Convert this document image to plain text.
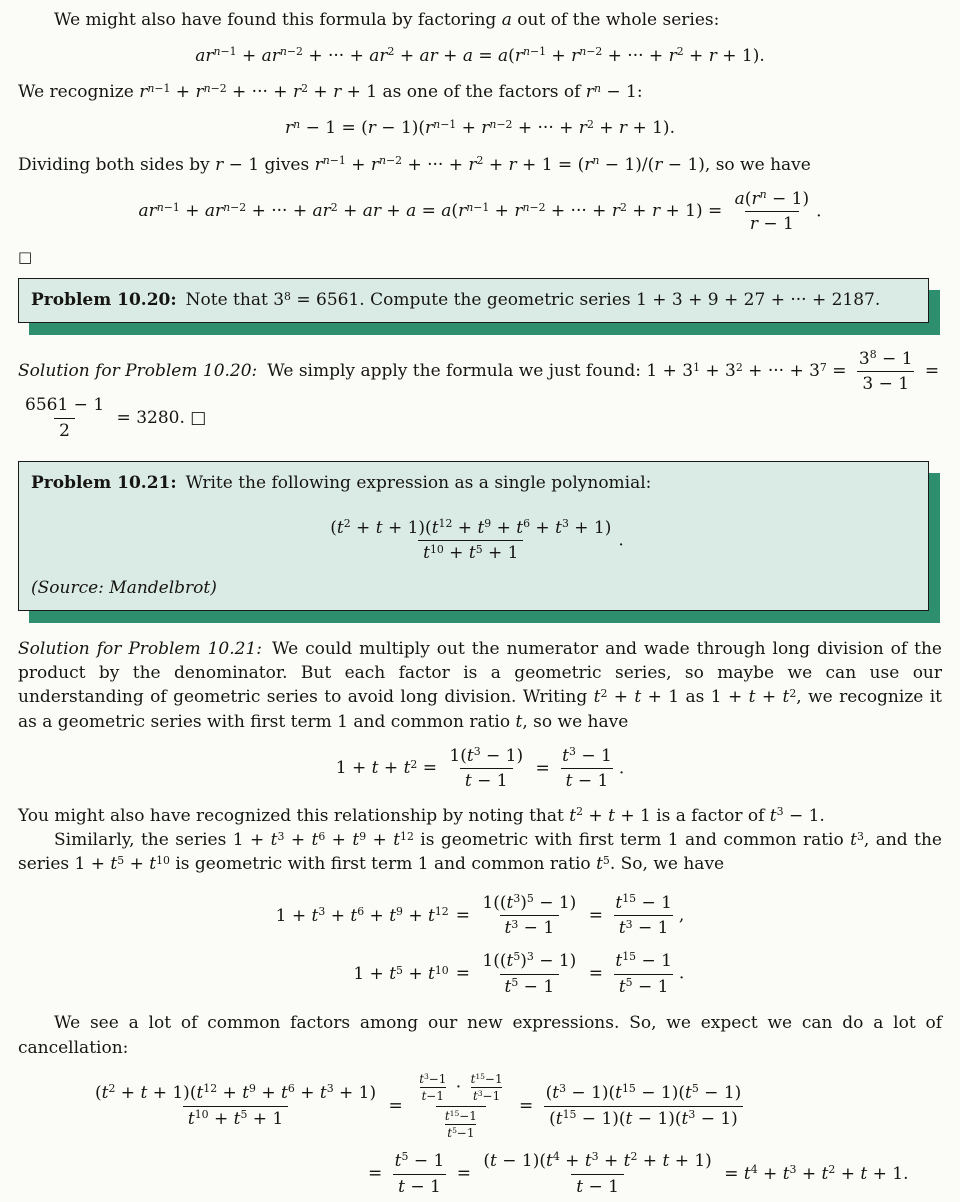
We might also have found this formula by factoring a out of the whole series:

$ar^{n-1} + ar^{n-2}$ + ··· + $ar^2$ + ar + $a = a(r^{n-1} + r^{n-2}$ + ··· + $r^2 + r + 1$).

We recognize $r^{n-1} + r^{n-2}$ + ··· + $r^2 + r + 1$ as one of the factors of $r^n - 1$:

$r^n - 1 = (r - 1)(r^{n-1} + r^{n-2}$ + ··· + $r^2 + r + 1$).

Dividing both sides by r − 1 gives $r^{n-1} + r^{n-2}$ + ··· + $r^2 + r + 1 = (r^n - 1)/(r - 1)$, so we have

$ar^{n-1} + ar^{n-2}$ + ··· + $ar^2$ + ar + $a = a(r^{n-1} + r^{n-2}$ + ··· + $r^2 + r + 1) = \frac{a(r^n - 1)}{r - 1}$ .
□

Problem 10.20: Note that $3^8 = 6561$. Compute the geometric series 1 + 3 + 9 + 27 + ··· + 2187.

Solution for Problem 10.20: We simply apply the formula we just found: $1 + 3^1 + 3^2$ + ··· + $3^7 = \frac{3^8 - 1}{3 - 1}$ =

$\frac{6561 - 1}{2} = 3280$. □

Problem 10.21: Write the following expression as a single polynomial:

$\frac{(t^2 + t + 1)(t^{12} + t^9 + t^6 + t^3 + 1)}{t^{10} + t^5 + 1}$ .

(Source: Mandelbrot)

Solution for Problem 10.21: We could multiply out the numerator and wade through long division of the product by the denominator. But each factor is a geometric series, so maybe we can use our understanding of geometric series to avoid long division. Writing $t^2 + t + 1$ as $1 + t + t^2$, we recognize it as a geometric series with first term 1 and common ratio t, so we have

$1 + t + t^2 = \frac{1(t^3 - 1)}{t - 1} = \frac{t^3 - 1}{t - 1}$ .

You might also have recognized this relationship by noting that $t^2 + t + 1$ is a factor of $t^3 - 1$.

Similarly, the series $1 + t^3 + t^6 + t^9 + t^{12}$ is geometric with first term 1 and common ratio $t^3$, and the series $1 + t^5 + t^{10}$ is geometric with first term 1 and common ratio $t^5$. So, we have

$1 + t^3 + t^6 + t^9 + t^{12} = \frac{1((t^3)^5 - 1)}{t^3 - 1} = \frac{t^{15} - 1}{t^3 - 1}$ ,
$1 + t^5 + t^{10} = \frac{1((t^5)^3 - 1)}{t^5 - 1} = \frac{t^{15} - 1}{t^5 - 1}$ .

We see a lot of common factors among our new expressions. So, we expect we can do a lot of cancellation:

$\frac{(t^2 + t + 1)(t^{12} + t^9 + t^6 + t^3 + 1)}{t^{10} + t^5 + 1} = \frac{\frac{t^3-1}{t-1} \cdot \frac{t^{15}-1}{t^3-1}}{\frac{t^{15}-1}{t^5-1}} = \frac{(t^3 - 1)(t^{15} - 1)(t^5 - 1)}{(t^{15} - 1)(t - 1)(t^3 - 1)}$
= $\frac{t^5 - 1}{t - 1} = \frac{(t - 1)(t^4 + t^3 + t^2 + t + 1)}{t - 1} = t^4 + t^3 + t^2 + t + 1$.
